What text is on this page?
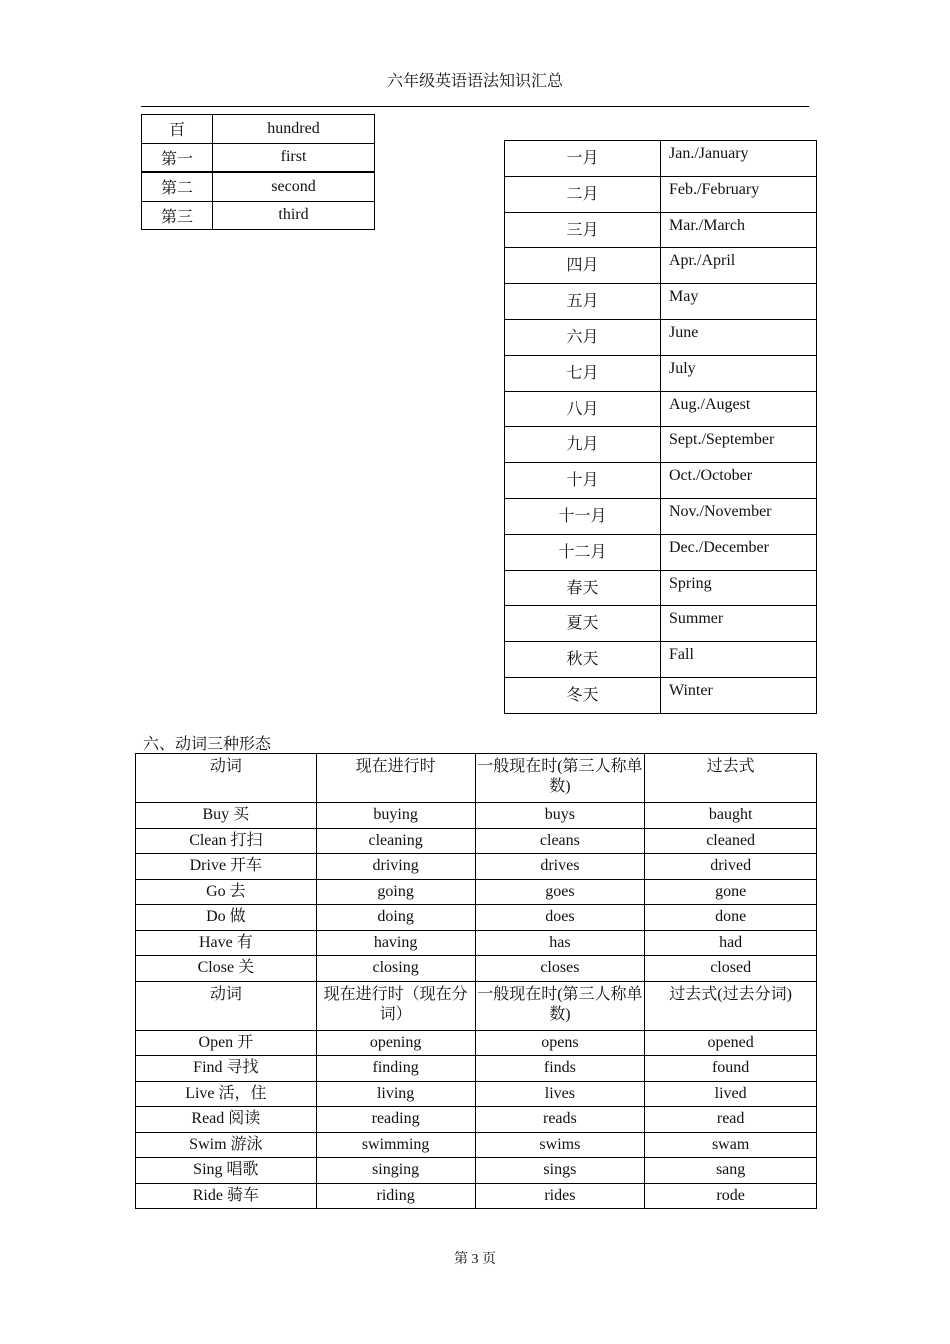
六年级英语语法知识汇总
百	hundred
第一	first
第二	second
第三	third
一月	Jan./January
二月	Feb./February
三月	Mar./March
四月	Apr./April
五月	May
六月	June
七月	July
八月	Aug./Augest
九月	Sept./September
十月	Oct./October
十一月	Nov./November
十二月	Dec./December
春天	Spring
夏天	Summer
秋天	Fall
冬天	Winter
六、动词三种形态
动词	现在进行时	一般现在时(第三人称单数)	过去式
Buy 买	buying	buys	baught
Clean 打扫	cleaning	cleans	cleaned
Drive 开车	driving	drives	drived
Go 去	going	goes	gone
Do 做	doing	does	done
Have 有	having	has	had
Close 关	closing	closes	closed
动词	现在进行时（现在分词）	一般现在时(第三人称单数)	过去式(过去分词)
Open 开	opening	opens	opened
Find 寻找	finding	finds	found
Live 活，住	living	lives	lived
Read 阅读	reading	reads	read
Swim 游泳	swimming	swims	swam
Sing 唱歌	singing	sings	sang
Ride 骑车	riding	rides	rode
第 3 页
